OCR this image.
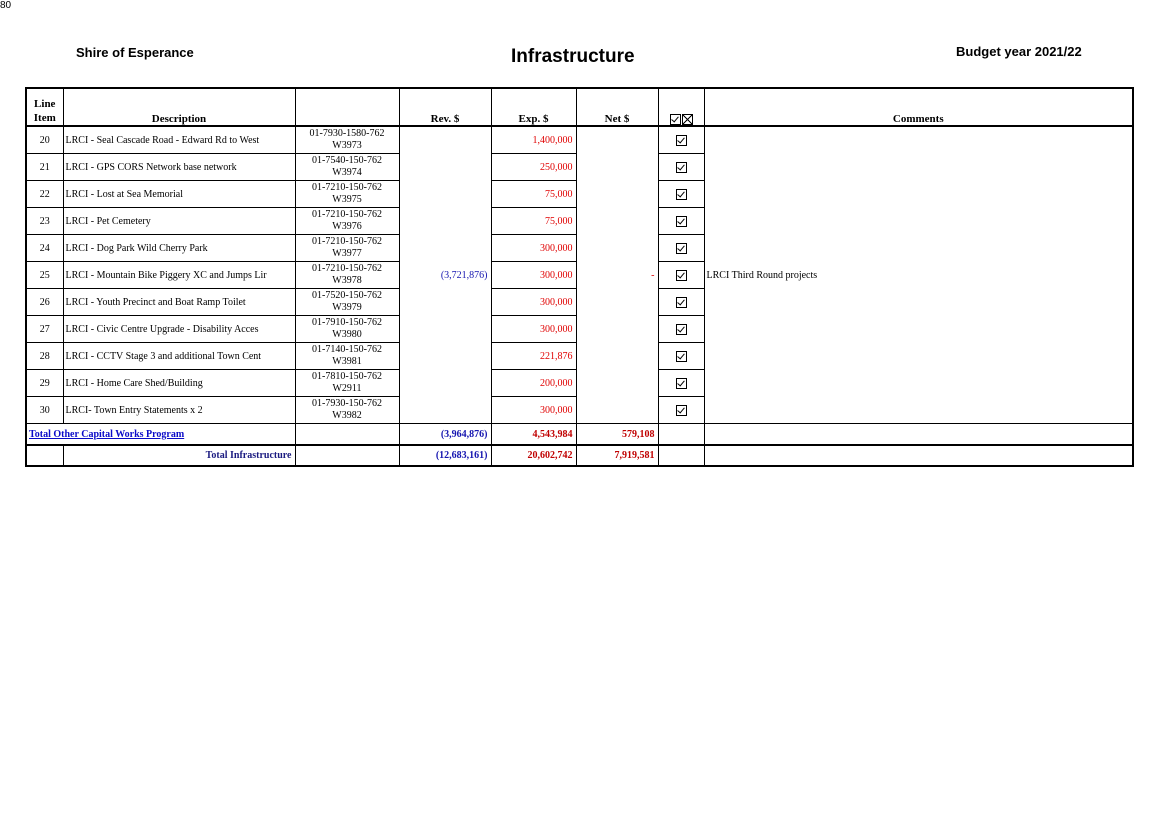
Shire of Esperance	Infrastructure	Budget year 2021/22
Line Item	Description		Rev. $	Exp. $	Net $		Comments
20	LRCI - Seal Cascade Road - Edward Rd to West	01-7930-1580-762
W3973	(3,721,876)	1,400,000	-		LRCI Third Round projects
21	LRCI - GPS CORS Network base network	01-7540-150-762
W3974		250,000			
22	LRCI - Lost at Sea Memorial	01-7210-150-762
W3975		75,000			
23	LRCI - Pet Cemetery	01-7210-150-762
W3976		75,000			
24	LRCI - Dog Park Wild Cherry Park	01-7210-150-762
W3977		300,000			
25	LRCI - Mountain Bike Piggery XC and Jumps Lir	01-7210-150-762
W3978		300,000			
26	LRCI - Youth Precinct and Boat Ramp Toilet	01-7520-150-762
W3979		300,000			
27	LRCI - Civic Centre Upgrade - Disability Acces	01-7910-150-762
W3980		300,000			
28	LRCI - CCTV Stage 3 and additional Town Cent	01-7140-150-762
W3981		221,876			
29	LRCI - Home Care Shed/Building	01-7810-150-762
W2911		200,000			
30	LRCI- Town Entry Statements x 2	01-7930-150-762
W3982		300,000			
Total Other Capital Works Program			(3,964,876)	4,543,984	579,108		
	Total Infrastructure		(12,683,161)	20,602,742	7,919,581		
80
